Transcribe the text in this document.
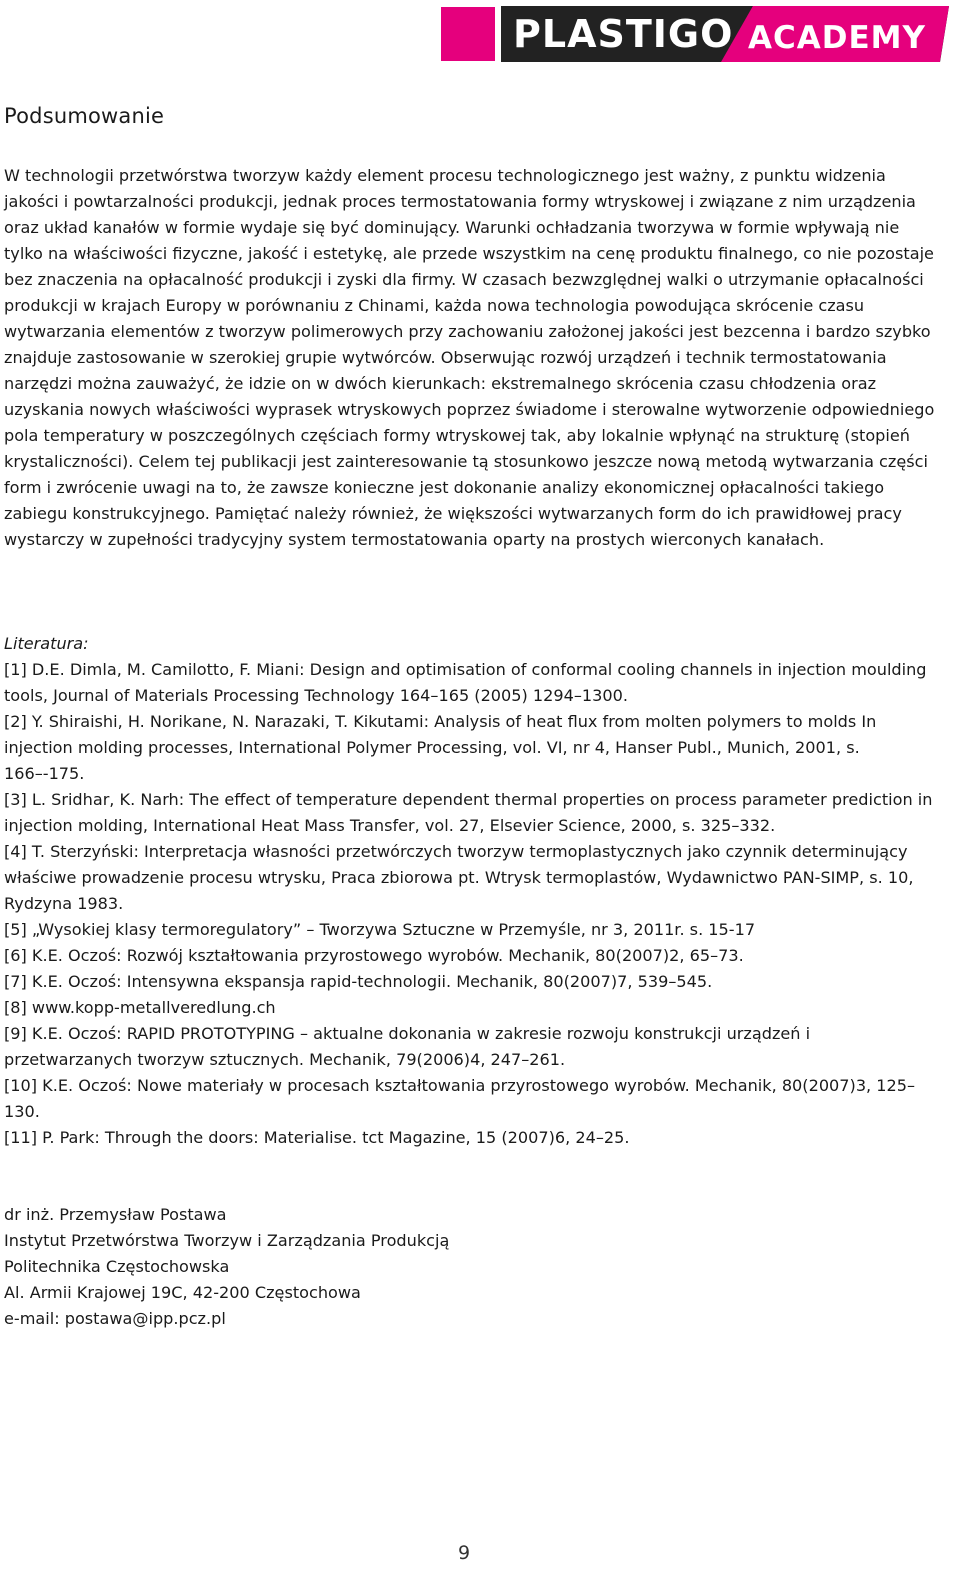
PLASTIGO ACADEMY
Podsumowanie

W technologii przetwórstwa tworzyw każdy element procesu technologicznego jest ważny, z punktu widzenia jakości i powtarzalności produkcji, jednak proces termostatowania formy wtryskowej i związane z nim urządzenia oraz układ kanałów w formie wydaje się być dominujący. Warunki ochładzania tworzywa w formie wpływają nie tylko na właściwości fizyczne, jakość i estetykę, ale przede wszystkim na cenę produktu finalnego, co nie pozostaje bez znaczenia na opłacalność produkcji i zyski dla firmy. W czasach bezwzględnej walki o utrzymanie opłacalności produkcji w krajach Europy w porównaniu z Chinami, każda nowa technologia powodująca skrócenie czasu wytwarzania elementów z tworzyw polimerowych przy zachowaniu założonej jakości jest bezcenna i bardzo szybko znajduje zastosowanie w szerokiej grupie wytwórców. Obserwując rozwój urządzeń i technik termostatowania narzędzi można zauważyć, że idzie on w dwóch kierunkach: ekstremalnego skrócenia czasu chłodzenia oraz uzyskania nowych właściwości wyprasek wtryskowych poprzez świadome i sterowalne wytworzenie odpowiedniego pola temperatury w poszczególnych częściach formy wtryskowej tak, aby lokalnie wpłynąć na strukturę (stopień krystaliczności). Celem tej publikacji jest zainteresowanie tą stosunkowo jeszcze nową metodą wytwarzania części form i zwrócenie uwagi na to, że zawsze konieczne jest dokonanie analizy ekonomicznej opłacalności takiego zabiegu konstrukcyjnego. Pamiętać należy również, że większości wytwarzanych form do ich prawidłowej pracy wystarczy w zupełności tradycyjny system termostatowania oparty na prostych wierconych kanałach.

Literatura:

[1] D.E. Dimla, M. Camilotto, F. Miani: Design and optimisation of conformal cooling channels in injection moulding tools, Journal of Materials Processing Technology 164–165 (2005) 1294–1300.
[2] Y. Shiraishi, H. Norikane, N. Narazaki, T. Kikutami: Analysis of heat flux from molten polymers to molds In injection molding processes, International Polymer Processing, vol. VI, nr 4, Hanser Publ., Munich, 2001, s. 166–-175.
[3] L. Sridhar, K. Narh: The effect of temperature dependent thermal properties on process parameter prediction in injection molding, International Heat Mass Transfer, vol. 27, Elsevier Science, 2000, s. 325–332.
[4] T. Sterzyński: Interpretacja własności przetwórczych tworzyw termoplastycznych jako czynnik determinujący właściwe prowadzenie procesu wtrysku, Praca zbiorowa pt. Wtrysk termoplastów, Wydawnictwo PAN-SIMP, s. 10, Rydzyna 1983.
[5] „Wysokiej klasy termoregulatory” – Tworzywa Sztuczne w Przemyśle, nr 3, 2011r. s. 15-17
[6] K.E. Oczoś: Rozwój kształtowania przyrostowego wyrobów. Mechanik, 80(2007)2, 65–73.
[7] K.E. Oczoś: Intensywna ekspansja rapid-technologii. Mechanik, 80(2007)7, 539–545.
[8] www.kopp-metallveredlung.ch
[9] K.E. Oczoś: RAPID PROTOTYPING – aktualne dokonania w zakresie rozwoju konstrukcji urządzeń i przetwarzanych tworzyw sztucznych. Mechanik, 79(2006)4, 247–261.
[10] K.E. Oczoś: Nowe materiały w procesach kształtowania przyrostowego wyrobów. Mechanik, 80(2007)3, 125–130.
[11] P. Park: Through the doors: Materialise. tct Magazine, 15 (2007)6, 24–25.
dr inż. Przemysław Postawa
Instytut Przetwórstwa Tworzyw i Zarządzania Produkcją
Politechnika Częstochowska
Al. Armii Krajowej 19C, 42-200 Częstochowa
e-mail: postawa@ipp.pcz.pl
9
